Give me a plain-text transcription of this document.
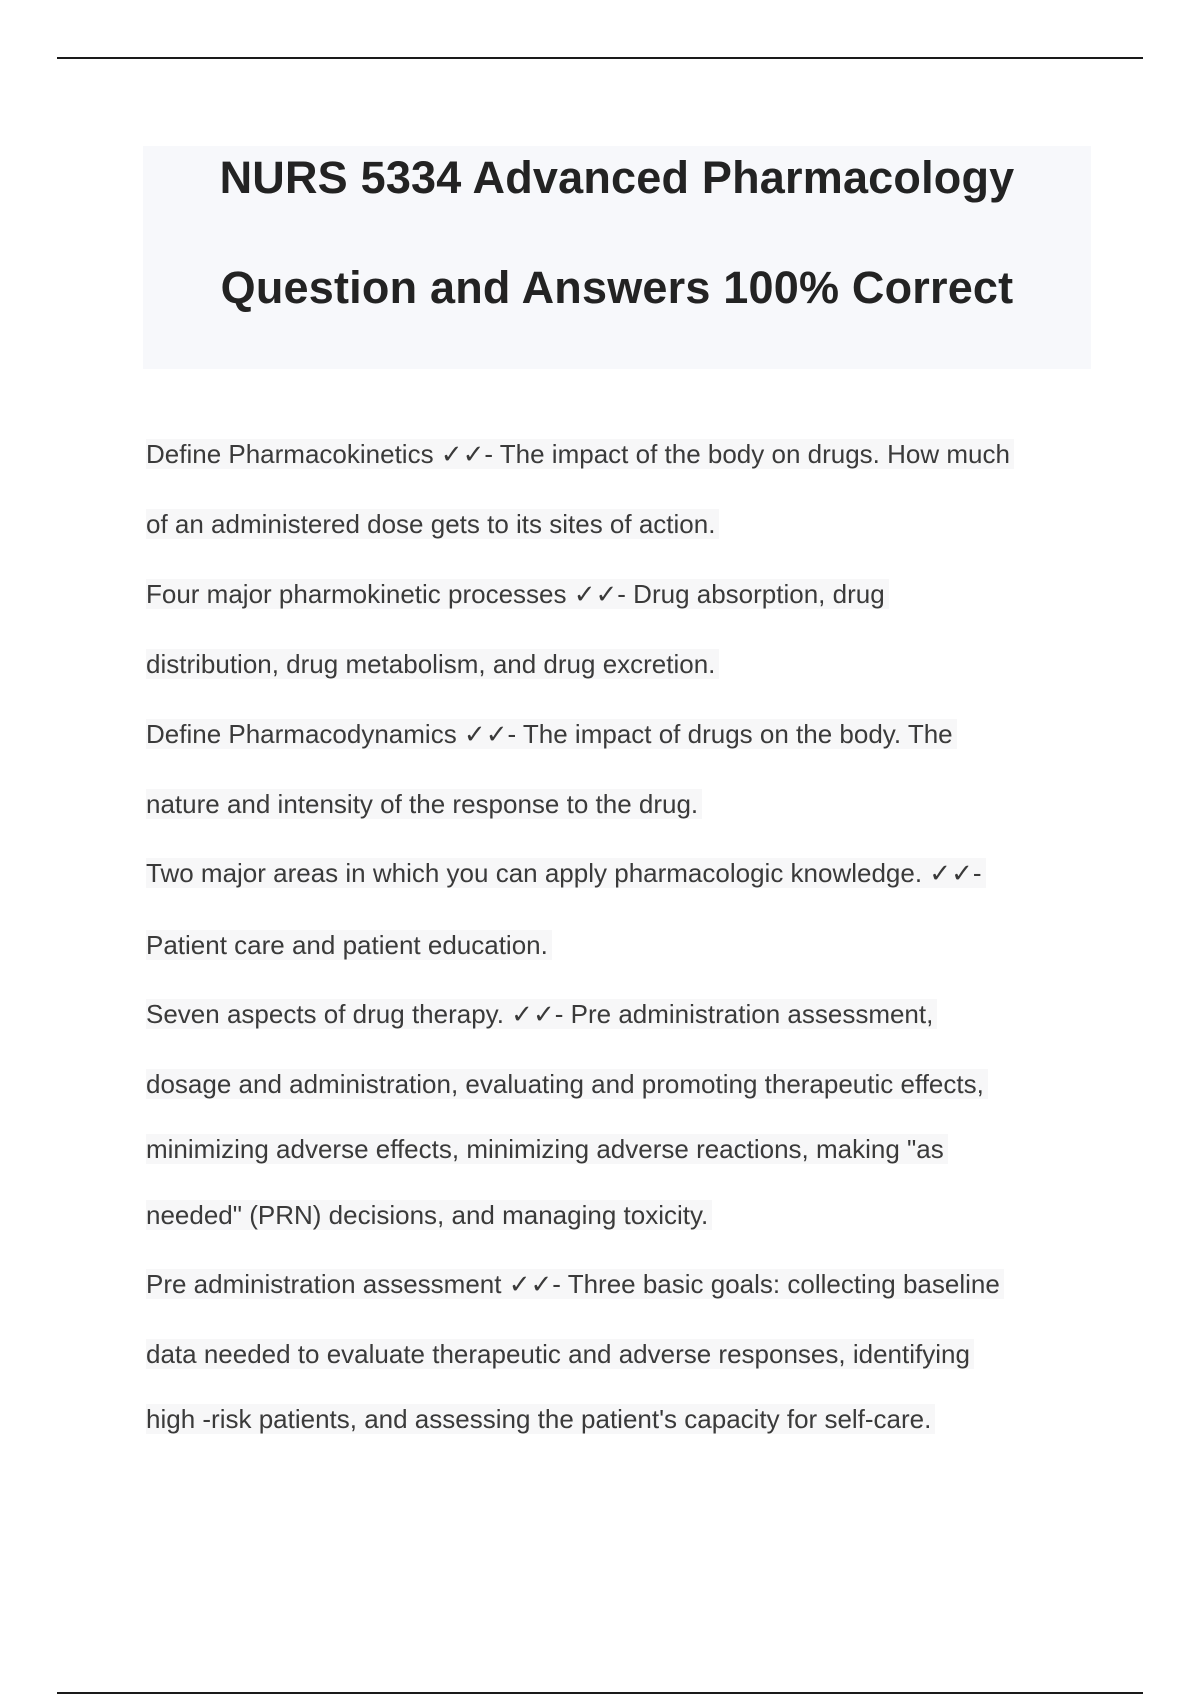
NURS 5334 Advanced Pharmacology
Question and Answers 100% Correct
Define Pharmacokinetics ✓✓- The impact of the body on drugs. How much
of an administered dose gets to its sites of action.
Four major pharmokinetic processes ✓✓- Drug absorption, drug
distribution, drug metabolism, and drug excretion.
Define Pharmacodynamics ✓✓- The impact of drugs on the body. The
nature and intensity of the response to the drug.
Two major areas in which you can apply pharmacologic knowledge. ✓✓-
Patient care and patient education.
Seven aspects of drug therapy. ✓✓- Pre administration assessment,
dosage and administration, evaluating and promoting therapeutic effects,
minimizing adverse effects, minimizing adverse reactions, making "as
needed" (PRN) decisions, and managing toxicity.
Pre administration assessment ✓✓- Three basic goals: collecting baseline
data needed to evaluate therapeutic and adverse responses, identifying
high -risk patients, and assessing the patient's capacity for self-care.
